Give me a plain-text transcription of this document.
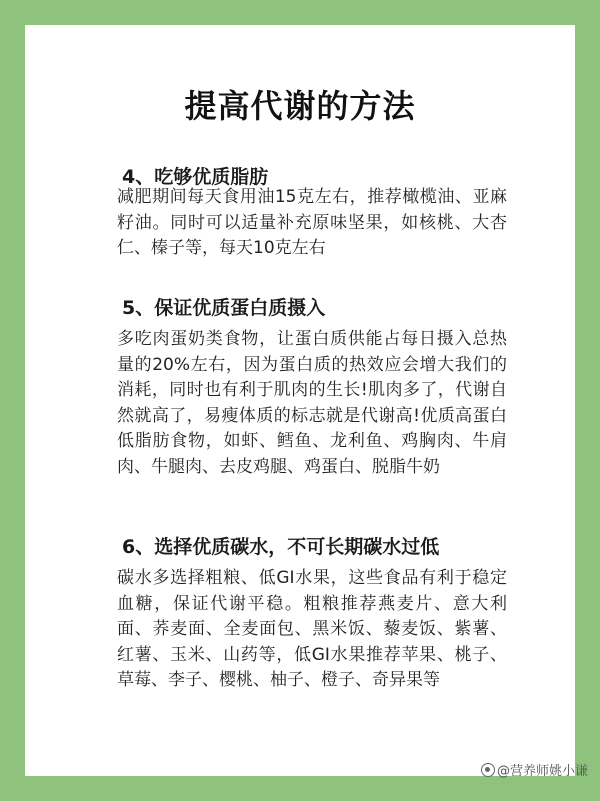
提高代谢的方法
4、吃够优质脂肪
减肥期间每天食用油15克左右，推荐橄榄油、亚麻籽油。同时可以适量补充原味坚果，如核桃、大杏仁、榛子等，每天10克左右
5、保证优质蛋白质摄入
多吃肉蛋奶类食物，让蛋白质供能占每日摄入总热量的20%左右，因为蛋白质的热效应会增大我们的消耗，同时也有利于肌肉的生长!肌肉多了，代谢自然就高了，易瘦体质的标志就是代谢高!优质高蛋白低脂肪食物，如虾、鳕鱼、龙利鱼、鸡胸肉、牛肩肉、牛腿肉、去皮鸡腿、鸡蛋白、脱脂牛奶
6、选择优质碳水，不可长期碳水过低
碳水多选择粗粮、低GI水果，这些食品有利于稳定血糖，保证代谢平稳。粗粮推荐燕麦片、意大利面、荞麦面、全麦面包、黑米饭、藜麦饭、紫薯、红薯、玉米、山药等，低GI水果推荐苹果、桃子、草莓、李子、樱桃、柚子、橙子、奇异果等
@营养师姚小谦
